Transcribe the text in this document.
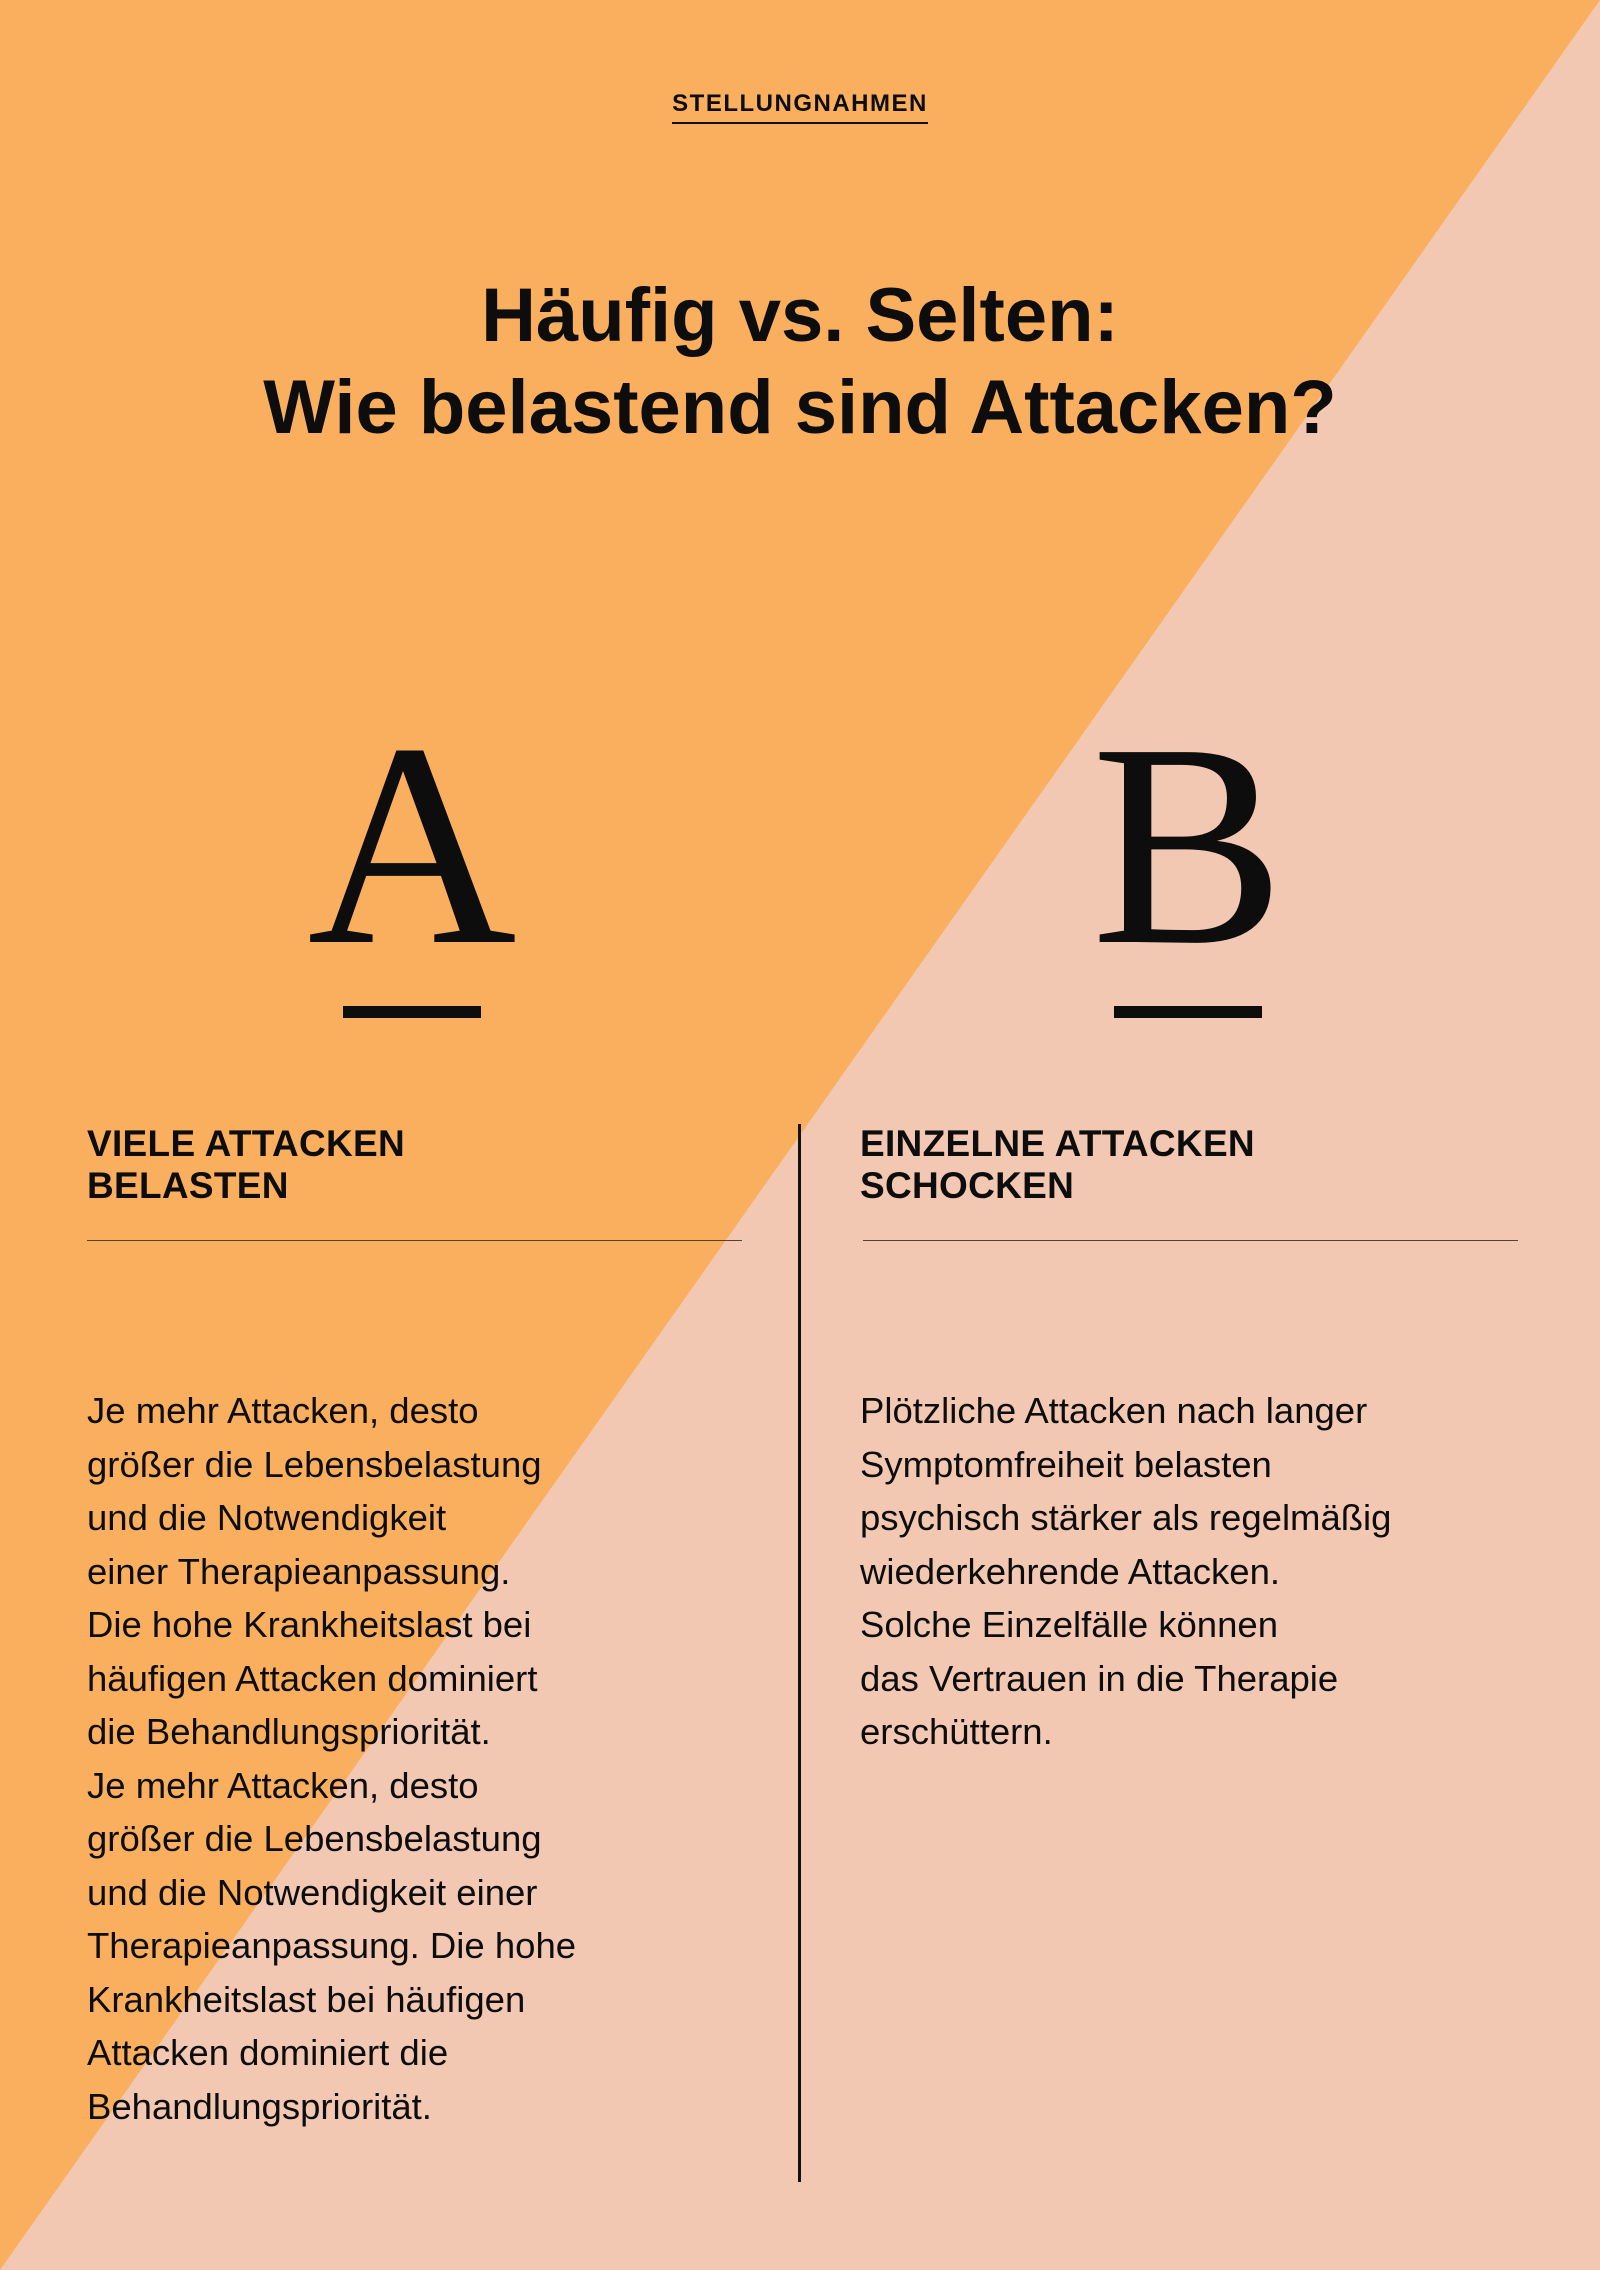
STELLUNGNAHMEN
Häufig vs. Selten:
Wie belastend sind Attacken?
A B
VIELE ATTACKEN
BELASTEN
EINZELNE ATTACKEN
SCHOCKEN
Je mehr Attacken, desto
größer die Lebensbelastung
und die Notwendigkeit
einer Therapieanpassung.
Die hohe Krankheitslast bei
häufigen Attacken dominiert
die Behandlungspriorität.
Je mehr Attacken, desto
größer die Lebensbelastung
und die Notwendigkeit einer
Therapieanpassung. Die hohe
Krankheitslast bei häufigen
Attacken dominiert die
Behandlungspriorität.
Plötzliche Attacken nach langer
Symptomfreiheit belasten
psychisch stärker als regelmäßig
wiederkehrende Attacken.
Solche Einzelfälle können
das Vertrauen in die Therapie
erschüttern.
